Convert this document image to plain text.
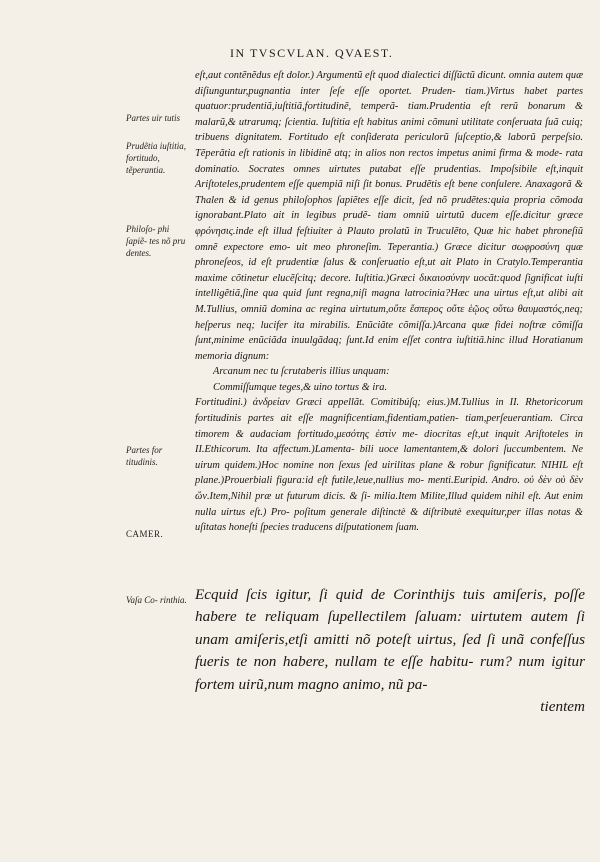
IN TVSCVLAN. QVAEST.
Partes uir tutis
Prudẽtia iuſtitia, fortitudo, tẽperantia.
Philoſo- phi ſapiẽ- tes nõ pru dentes.
Partes for titudinis.
CAMER.
Vaſa Co- rinthia.

eſt,aut contẽnẽdus eſt dolor.) Argumentũ eſt quod dialectici diſſũctũ dicunt. omnia autem quæ diſiunguntur,pugnantia inter ſeſe eſſe oportet. Pruden- tiam.)Virtus habet partes quatuor:prudentiã,iuſtitiã,fortitudinẽ, temperã- tiam.Prudentia eſt rerũ bonarum & malarũ,& utrarumq; ſcientia. Iuſtitia eſt habitus animi cõmuni utilitate conſeruata ſuã cuiq; tribuens dignitatem. Fortitudo eſt conſiderata periculorũ ſuſceptio,& laborũ perpeſsio. Tẽperãtia eſt rationis in libidinẽ atq; in alios non rectos impetus animi firma & mode- rata dominatio. Socrates omnes uirtutes putabat eſſe prudentias. Impoſsibile eſt,inquit Ariſtoteles,prudentem eſſe quempiã niſi ſit bonus. Prudẽtis eſt bene conſulere. Anaxagorã & Thalen & id genus philoſophos ſapiẽtes eſſe dicit, ſed nõ prudẽtes:quia propria cõmoda ignorabant.Plato ait in legibus prudẽ- tiam omniũ uirtutũ ducem eſſe.dicitur græce φρόνησις.inde eſt illud feſtiuiter à Plauto prolatũ in Truculẽto, Quæ hic habet phroneſiũ omnẽ expectore emo- uit meo phroneſim. Teperantia.) Græce dicitur σωφροσύνη quæ phroneſeos, id eſt prudentiæ ſalus & conſeruatio eſt,ut ait Plato in Cratylo.Temperantia maxime cõtinetur elucẽſcitq; decore. Iuſtitia.)Græci δικαιοσύνην uocãt:quod ſignificat iuſti intelligẽtiã,ſine qua quid ſunt regna,niſi magna latrocinia?Hæc una uirtus eſt,ut alibi ait M.Tullius, omniũ domina ac regina uirtutum,οὔτε ἕσπερος οὔτε ἑῷος οὕτω θαυμαστός,neq; heſperus neq; lucifer ita mirabilis. Enũciãte cõmiſſa.)Arcana quæ fidei noſtræ cõmiſſa ſunt,minime enũciãda inuulgãdaq; ſunt.Id enim eſſet contra iuſtitiã.hinc illud Horatianum memoria dignum:

Arcanum nec tu ſcrutaberis illius unquam:

Commiſſumque teges,& uino tortus & ira.

Fortitudini.) ἀνδρείαν Græci appellãt. Comitibúſq; eius.)M.Tullius in II. Rhetoricorum fortitudinis partes ait eſſe magnificentiam,fidentiam,patien- tiam,perſeuerantiam. Circa timorem & audaciam fortitudo,μεσότης ἐστὶν me- diocritas eſt,ut inquit Ariſtoteles in II.Ethicorum. Ita affectum.)Lamenta- bili uoce lamentantem,& dolori ſuccumbentem. Ne uirum quidem.)Hoc nomine non ſexus ſed uirilitas plane & robur ſignificatur. NIHIL eſt plane.)Prouerbiali figura:id eſt futile,leue,nullius mo- menti.Euripid. Andro. οὐ δὲν οὐ δὲν ὤν.Item,Nihil præ ut futurum dicis. & ſi- milia.Item Milite,Illud quidem nihil eſt. Aut enim nulla uirtus eſt.) Pro- poſitum generale diſtinctè & diſtributè exequitur,per illas notas & uſitatas honeſti ſpecies traducens diſputationem ſuam.

Ecquid ſcis igitur, ſi quid de Corinthijs tuis amiſeris, poſſe habere te reliquam ſupellectilem ſaluam: uirtutem autem ſi unam amiſeris,etſi amitti nõ poteſt uirtus, ſed ſi unã confeſſus fueris te non habere, nullam te eſſe habitu- rum? num igitur fortem uirũ,num magno animo, nũ pa-

tientem
